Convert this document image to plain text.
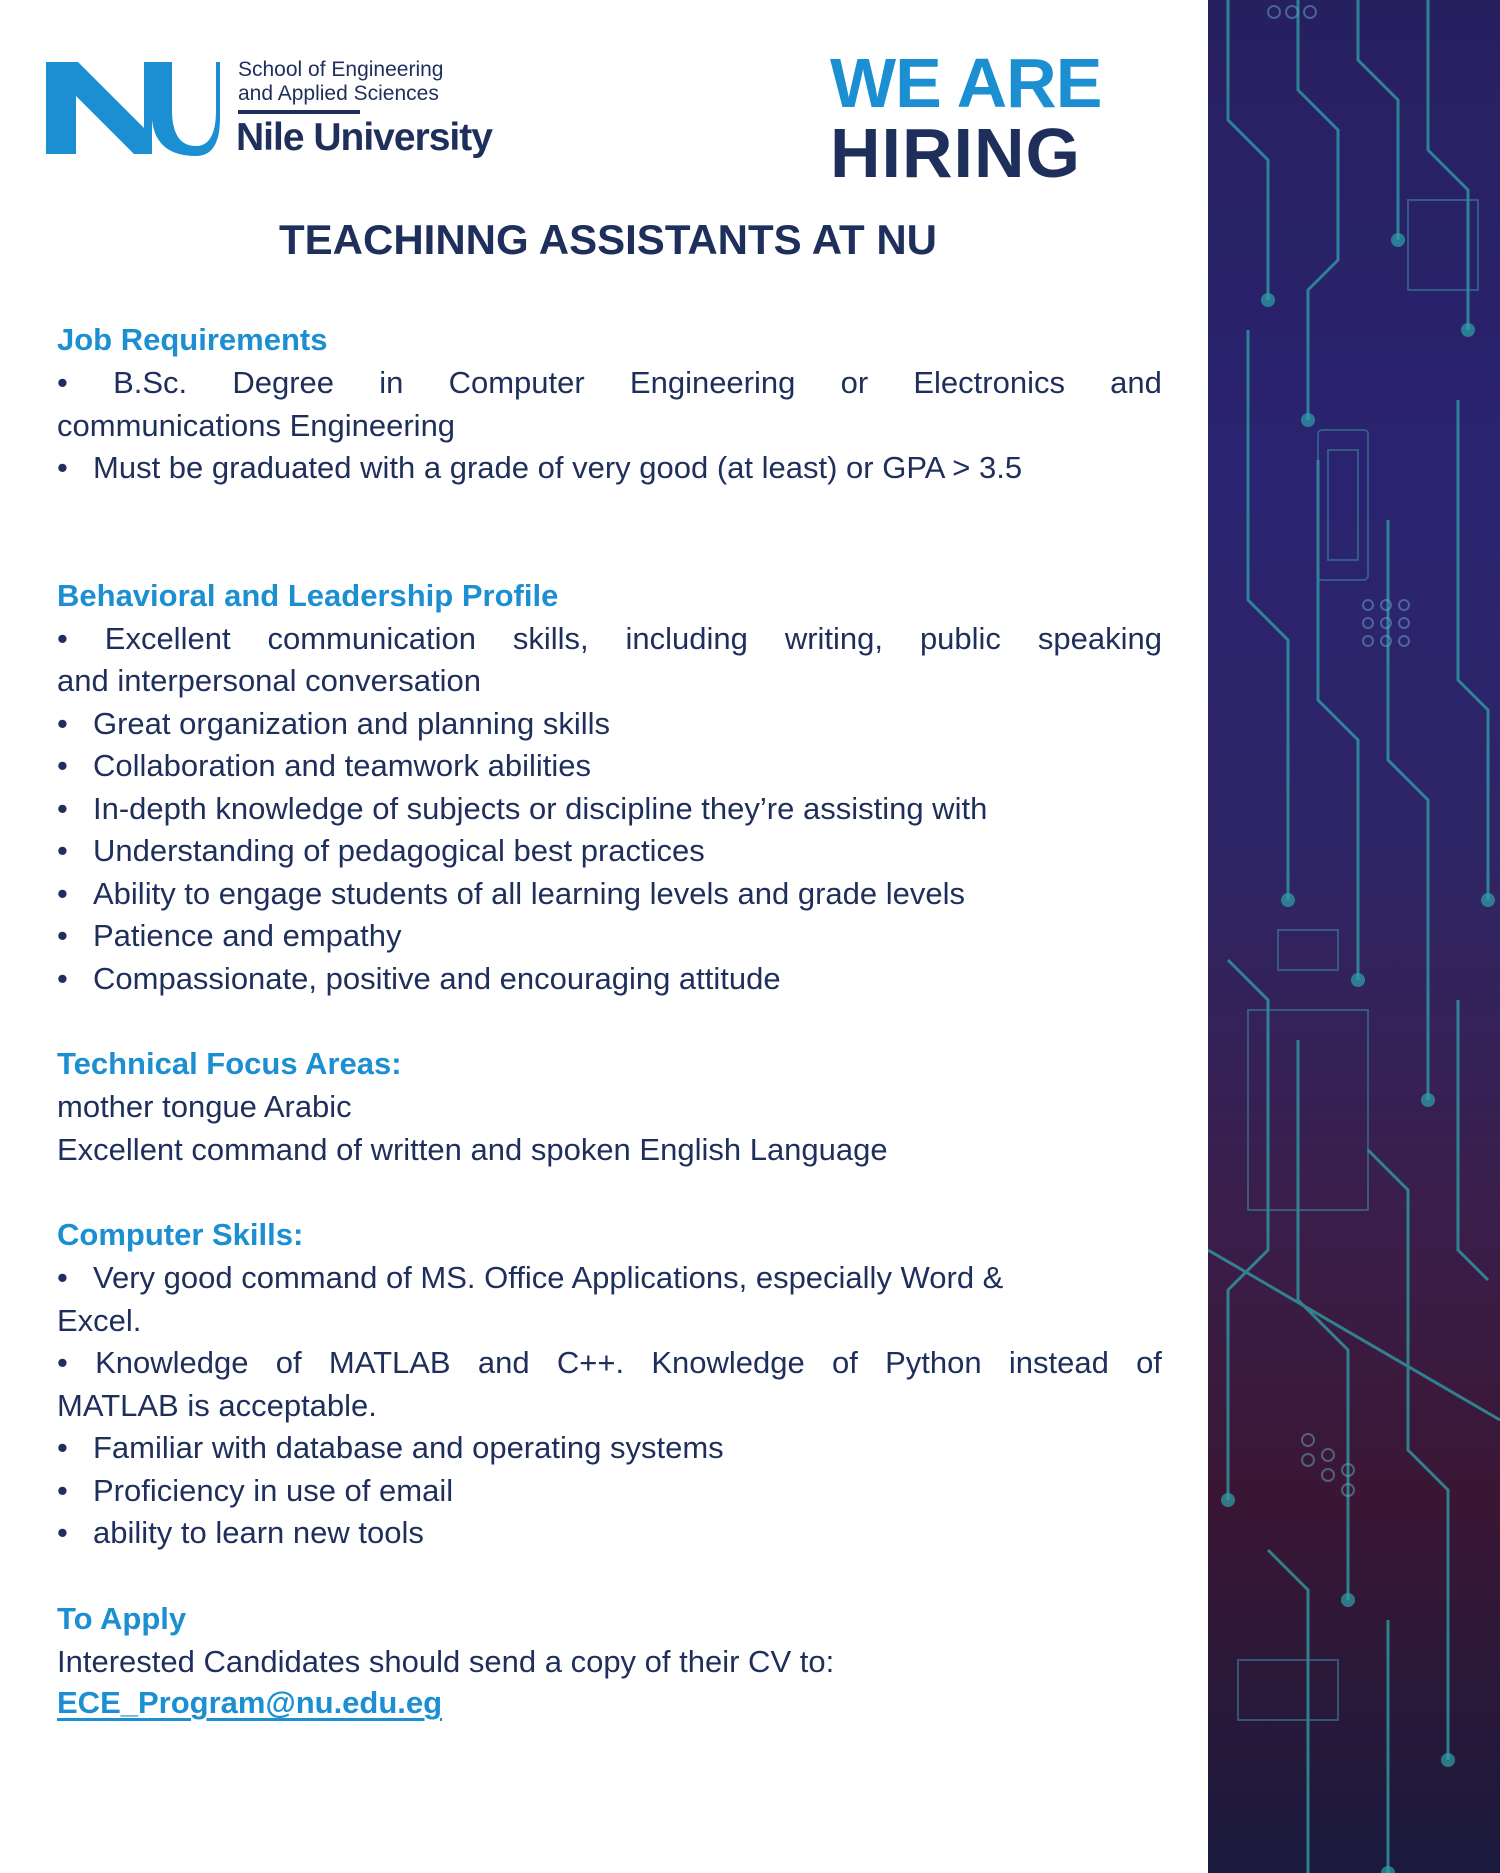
School of Engineering
and Applied Sciences
Nile University
WE ARE
HIRING
TEACHINNG ASSISTANTS AT NU
Job Requirements
• B.Sc. Degree in Computer Engineering or Electronics and
communications Engineering
• Must be graduated with a grade of very good (at least) or GPA > 3.5
Behavioral and Leadership Profile
• Excellent communication skills, including writing, public speaking
and interpersonal conversation
• Great organization and planning skills
• Collaboration and teamwork abilities
• In-depth knowledge of subjects or discipline they’re assisting with
• Understanding of pedagogical best practices
• Ability to engage students of all learning levels and grade levels
• Patience and empathy
• Compassionate, positive and encouraging attitude
Technical Focus Areas:
mother tongue Arabic
Excellent command of written and spoken English Language
Computer Skills:
• Very good command of MS. Office Applications, especially Word &
Excel.
• Knowledge of MATLAB and C++. Knowledge of Python instead of
MATLAB is acceptable.
• Familiar with database and operating systems
• Proficiency in use of email
• ability to learn new tools
To Apply
Interested Candidates should send a copy of their CV to:
ECE_Program@nu.edu.eg
